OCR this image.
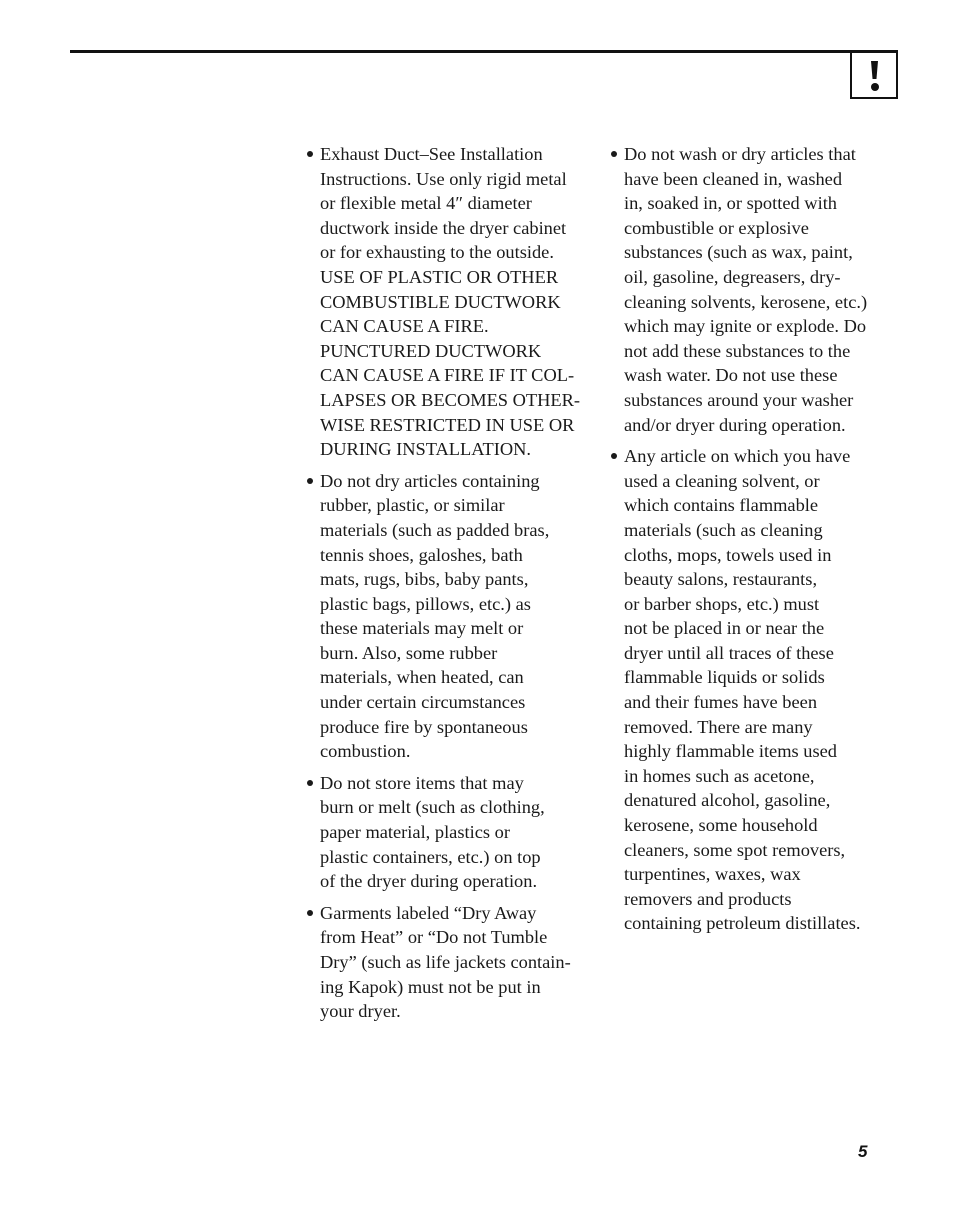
Exhaust Duct–See Installation
Instructions. Use only rigid metal
or flexible metal 4″ diameter
ductwork inside the dryer cabinet
or for exhausting to the outside.
USE OF PLASTIC OR OTHER
COMBUSTIBLE DUCTWORK
CAN CAUSE A FIRE.
PUNCTURED DUCTWORK
CAN CAUSE A FIRE IF IT COL-
LAPSES OR BECOMES OTHER-
WISE RESTRICTED IN USE OR
DURING INSTALLATION.
Do not dry articles containing
rubber, plastic, or similar
materials (such as padded bras,
tennis shoes, galoshes, bath
mats, rugs, bibs, baby pants,
plastic bags, pillows, etc.) as
these materials may melt or
burn. Also, some rubber
materials, when heated, can
under certain circumstances
produce fire by spontaneous
combustion.
Do not store items that may
burn or melt (such as clothing,
paper material, plastics or
plastic containers, etc.) on top
of the dryer during operation.
Garments labeled “Dry Away
from Heat” or “Do not Tumble
Dry” (such as life jackets contain-
ing Kapok) must not be put in
your dryer.
Do not wash or dry articles that
have been cleaned in, washed
in, soaked in, or spotted with
combustible or explosive
substances (such as wax, paint,
oil, gasoline, degreasers, dry-
cleaning solvents, kerosene, etc.)
which may ignite or explode. Do
not add these substances to the
wash water. Do not use these
substances around your washer
and/or dryer during operation.
Any article on which you have
used a cleaning solvent, or
which contains flammable
materials (such as cleaning
cloths, mops, towels used in
beauty salons, restaurants,
or barber shops, etc.) must
not be placed in or near the
dryer until all traces of these
flammable liquids or solids
and their fumes have been
removed. There are many
highly flammable items used
in homes such as acetone,
denatured alcohol, gasoline,
kerosene, some household
cleaners, some spot removers,
turpentines, waxes, wax
removers and products
containing petroleum distillates.
5
